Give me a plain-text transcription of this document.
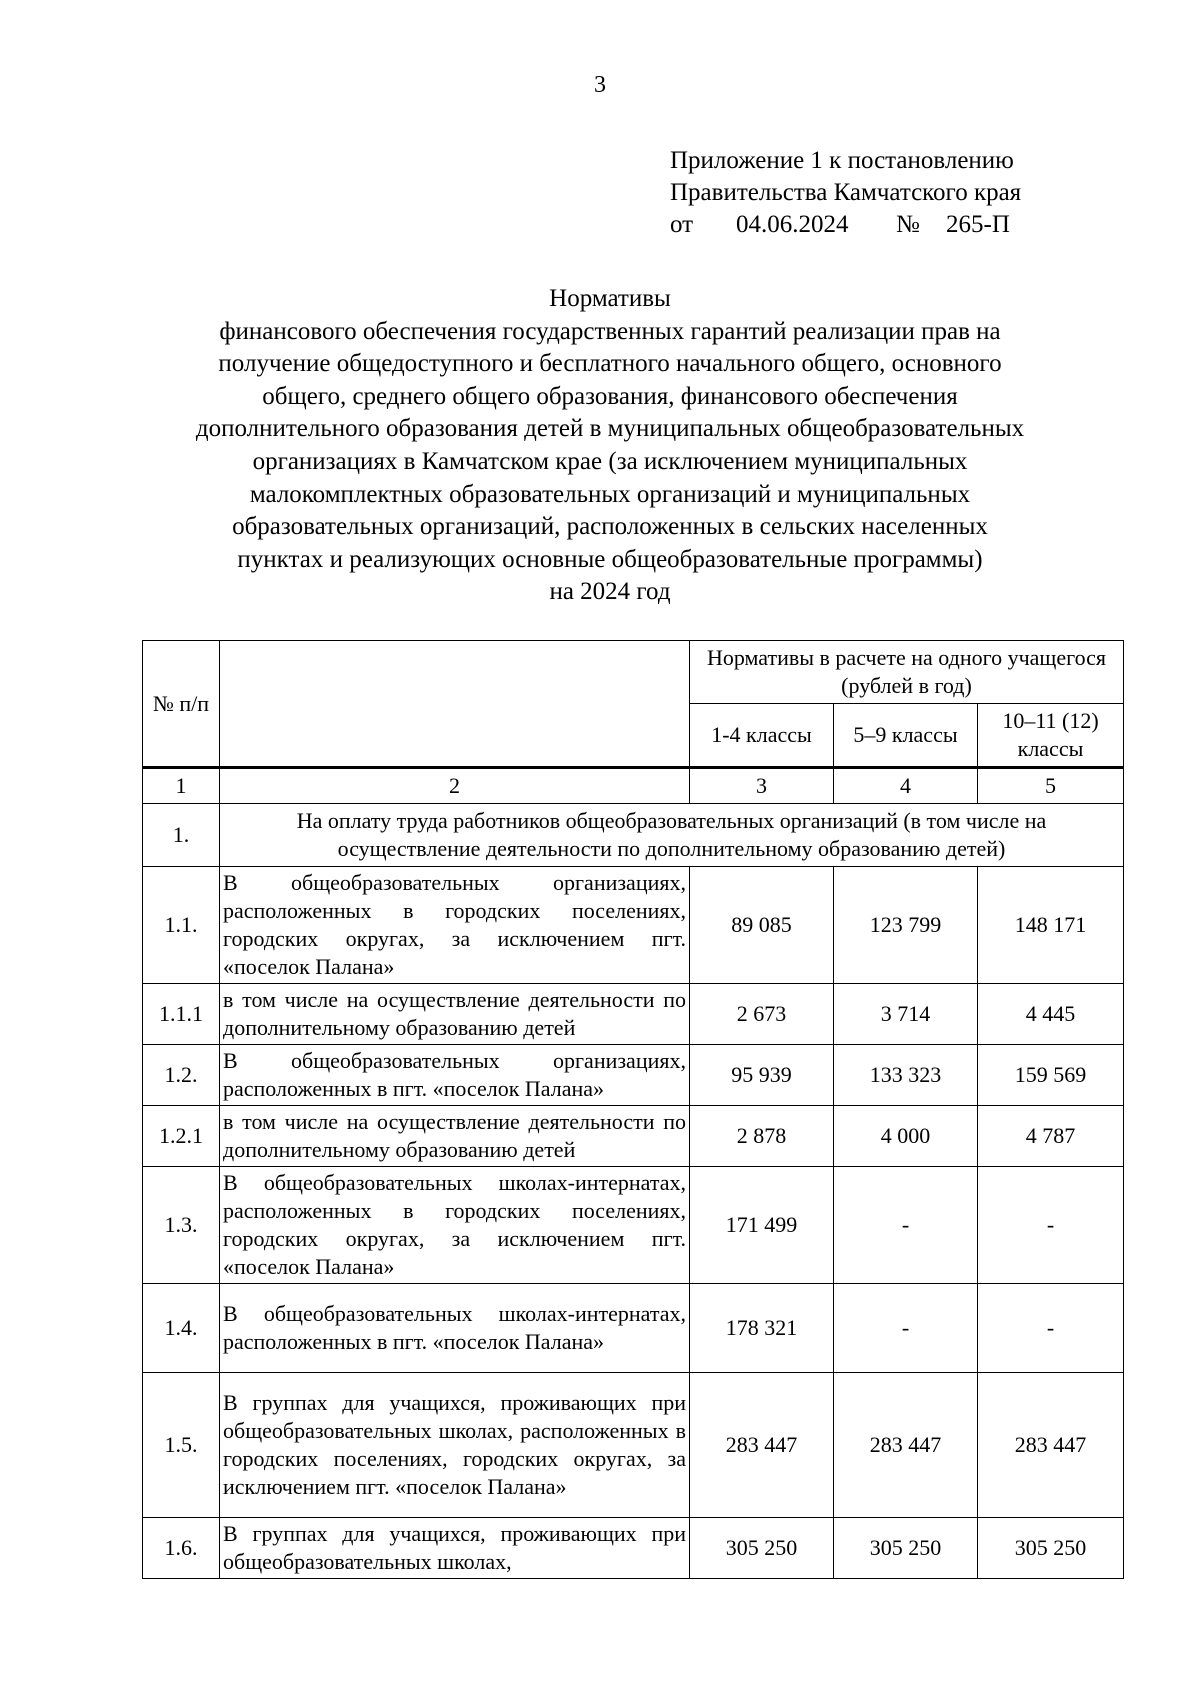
3
Приложение 1 к постановлению
Правительства Камчатского края
от	04.06.2024	№	265-П
Нормативы
финансового обеспечения государственных гарантий реализации прав на
получение общедоступного и бесплатного начального общего, основного
общего, среднего общего образования, финансового обеспечения
дополнительного образования детей в муниципальных общеобразовательных
организациях в Камчатском крае (за исключением муниципальных
малокомплектных образовательных организаций и муниципальных
образовательных организаций, расположенных в сельских населенных
пунктах и реализующих основные общеобразовательные программы)
на 2024 год
№ п/п		Нормативы в расчете на одного учащегося (рублей в год)		
		1-4 классы	5–9 классы	10–11 (12) классы
1	2	3	4	5
1.	На оплату труда работников общеобразовательных организаций (в том числе на осуществление деятельности по дополнительному образованию детей)			
1.1.	В общеобразовательных организациях, расположенных в городских поселениях, городских округах, за исключением пгт. «поселок Палана»	89 085	123 799	148 171
1.1.1	в том числе на осуществление деятельности по дополнительному образованию детей	2 673	3 714	4 445
1.2.	В общеобразовательных организациях, расположенных в пгт. «поселок Палана»	95 939	133 323	159 569
1.2.1	в том числе на осуществление деятельности по дополнительному образованию детей	2 878	4 000	4 787
1.3.	В общеобразовательных школах-интернатах, расположенных в городских поселениях, городских округах, за исключением пгт. «поселок Палана»	171 499	-	-
1.4.	В общеобразовательных школах-интернатах, расположенных в пгт. «поселок Палана»	178 321	-	-
1.5.	В группах для учащихся, проживающих при общеобразовательных школах, расположенных в городских поселениях, городских округах, за исключением пгт. «поселок Палана»	283 447	283 447	283 447
1.6.	В группах для учащихся, проживающих при общеобразовательных школах,	305 250	305 250	305 250
